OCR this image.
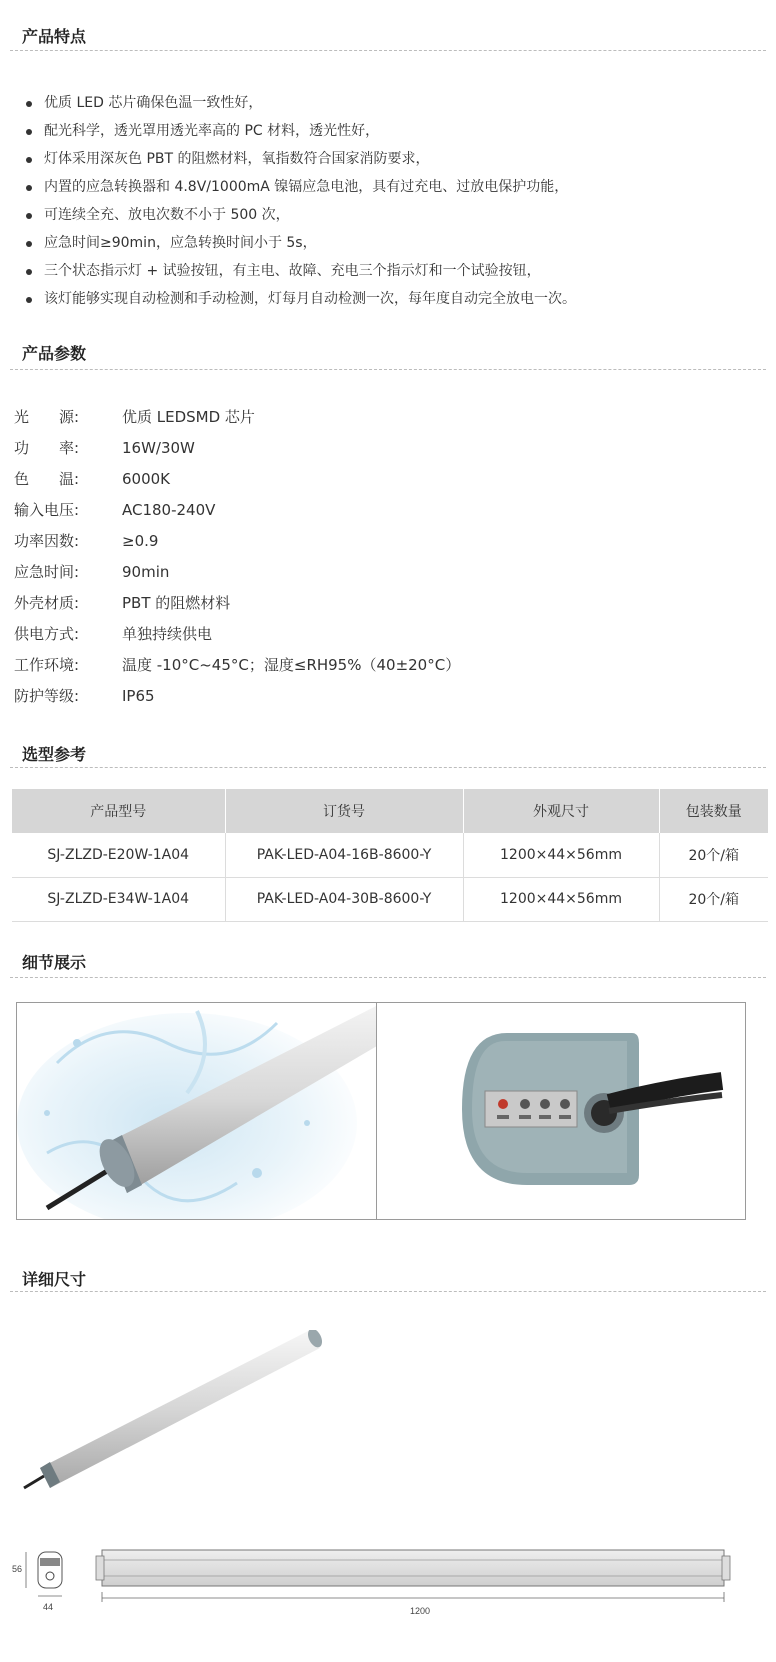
产品特点
优质 LED 芯片确保色温一致性好，
配光科学，透光罩用透光率高的 PC 材料，透光性好，
灯体采用深灰色 PBT 的阻燃材料，氧指数符合国家消防要求，
内置的应急转换器和 4.8V/1000mA 镍镉应急电池，具有过充电、过放电保护功能，
可连续全充、放电次数不小于 500 次，
应急时间≥90min，应急转换时间小于 5s，
三个状态指示灯 + 试验按钮，有主电、故障、充电三个指示灯和一个试验按钮，
该灯能够实现自动检测和手动检测，灯每月自动检测一次，每年度自动完全放电一次。
产品参数
光　　源:	优质 LEDSMD 芯片
功　　率:	16W/30W
色　　温:	6000K
输入电压:	AC180-240V
功率因数:	≥0.9
应急时间:	90min
外壳材质:	PBT 的阻燃材料
供电方式:	单独持续供电
工作环境:	温度 -10°C~45°C；湿度≤RH95%（40±20°C）
防护等级:	IP65
选型参考
产品型号	订货号	外观尺寸	包装数量
SJ-ZLZD-E20W-1A04	PAK-LED-A04-16B-8600-Y	1200×44×56mm	20个/箱
SJ-ZLZD-E34W-1A04	PAK-LED-A04-30B-8600-Y	1200×44×56mm	20个/箱
细节展示
详细尺寸
56
44	1200
